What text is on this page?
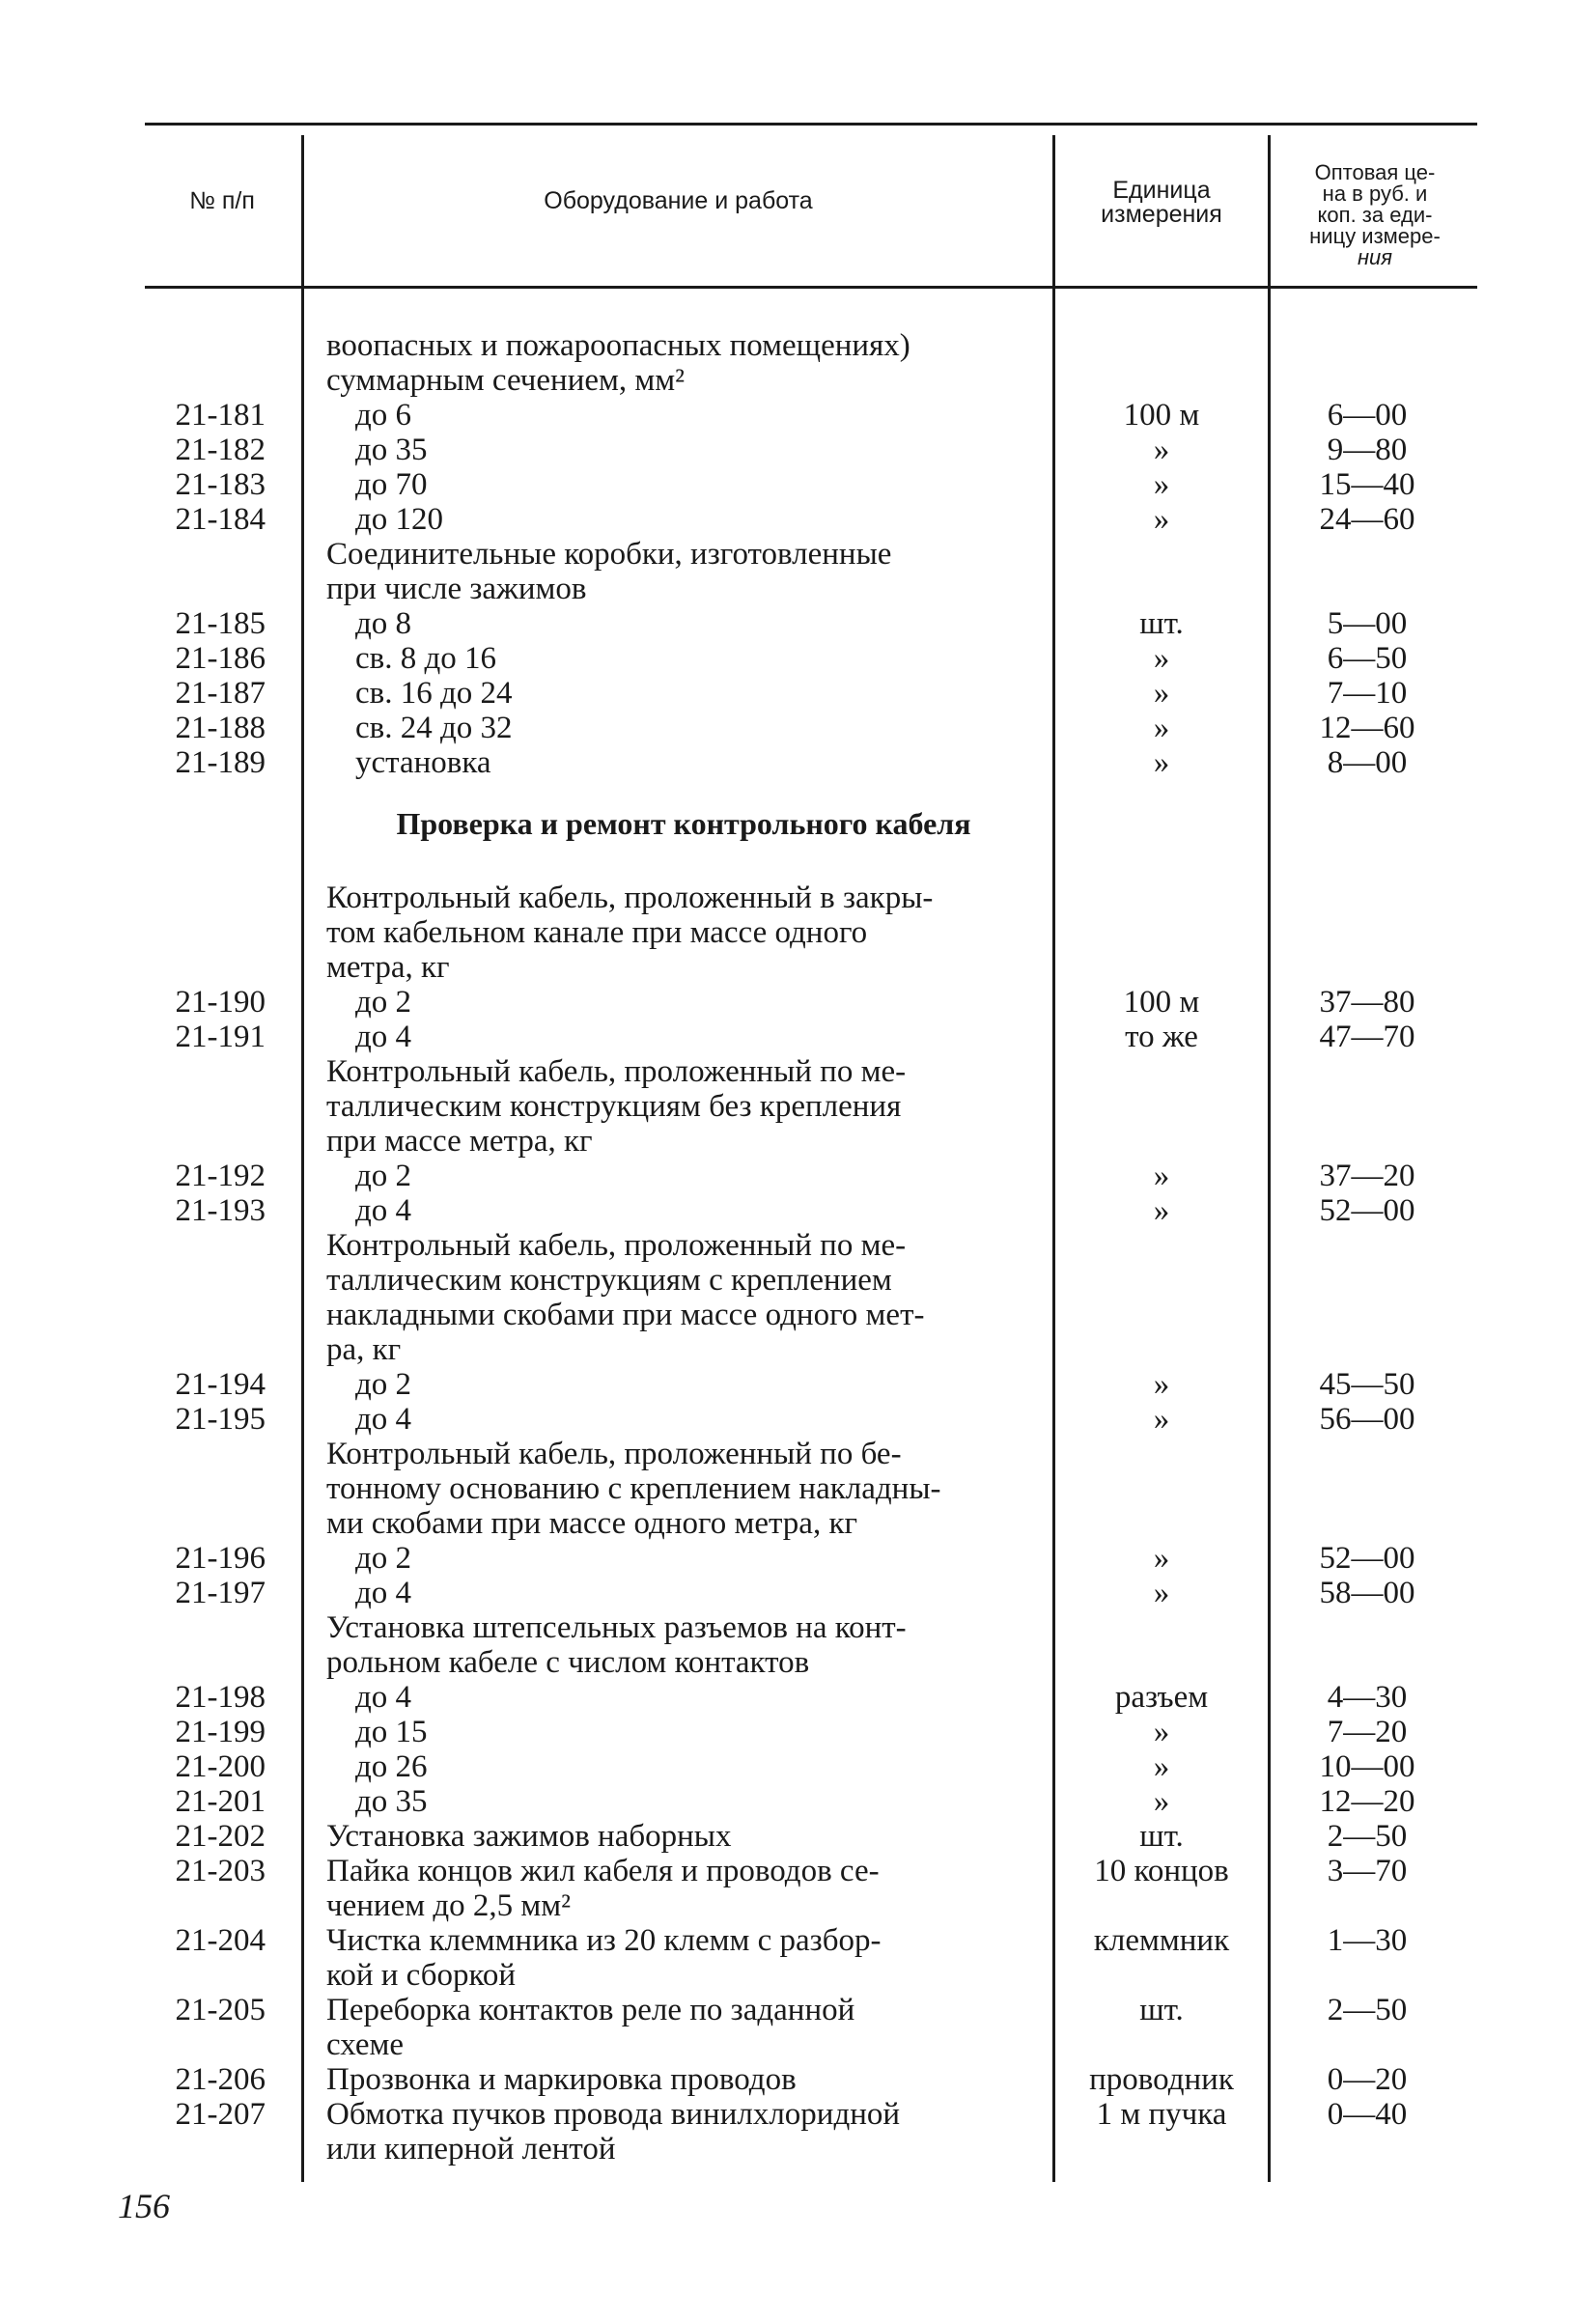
№ п/п	Оборудование и работа	Единица
измерения
Оптовая це-
на в руб. и
коп. за еди-
ницу измере-
ния
Проверка и ремонт контрольного кабеля
воопасных и пожароопасных помещениях)
суммарным сечением, мм²
21-181	до 6	100 м	6—00
21-182	до 35	»	9—80
21-183	до 70	»	15—40
21-184	до 120	»	24—60
Соединительные коробки, изготовленные
при числе зажимов
21-185	до 8	шт.	5—00
21-186	св. 8 до 16	»	6—50
21-187	св. 16 до 24	»	7—10
21-188	св. 24 до 32	»	12—60
21-189	установка	»	8—00
Контрольный кабель, проложенный в закры-
том кабельном канале при массе одного
метра, кг
21-190	до 2	100 м	37—80
21-191	до 4	то же	47—70
Контрольный кабель, проложенный по ме-
таллическим конструкциям без крепления
при массе метра, кг
21-192	до 2	»	37—20
21-193	до 4	»	52—00
Контрольный кабель, проложенный по ме-
таллическим конструкциям с креплением
накладными скобами при массе одного мет-
ра, кг
21-194	до 2	»	45—50
21-195	до 4	»	56—00
Контрольный кабель, проложенный по бе-
тонному основанию с креплением накладны-
ми скобами при массе одного метра, кг
21-196	до 2	»	52—00
21-197	до 4	»	58—00
Установка штепсельных разъемов на конт-
рольном кабеле с числом контактов
21-198	до 4	разъем	4—30
21-199	до 15	»	7—20
21-200	до 26	»	10—00
21-201	до 35	»	12—20
21-202 Установка зажимов наборных	шт.	2—50
21-203 Пайка концов жил кабеля и проводов се-	10 концов	3—70
чением до 2,5 мм²
21-204 Чистка клеммника из 20 клемм с разбор-	клеммник	1—30
кой и сборкой
21-205 Переборка контактов реле по заданной	шт.	2—50
схеме
21-206 Прозвонка и маркировка проводов	проводник	0—20
21-207 Обмотка пучков провода винилхлоридной	1 м пучка	0—40
или киперной лентой
156
